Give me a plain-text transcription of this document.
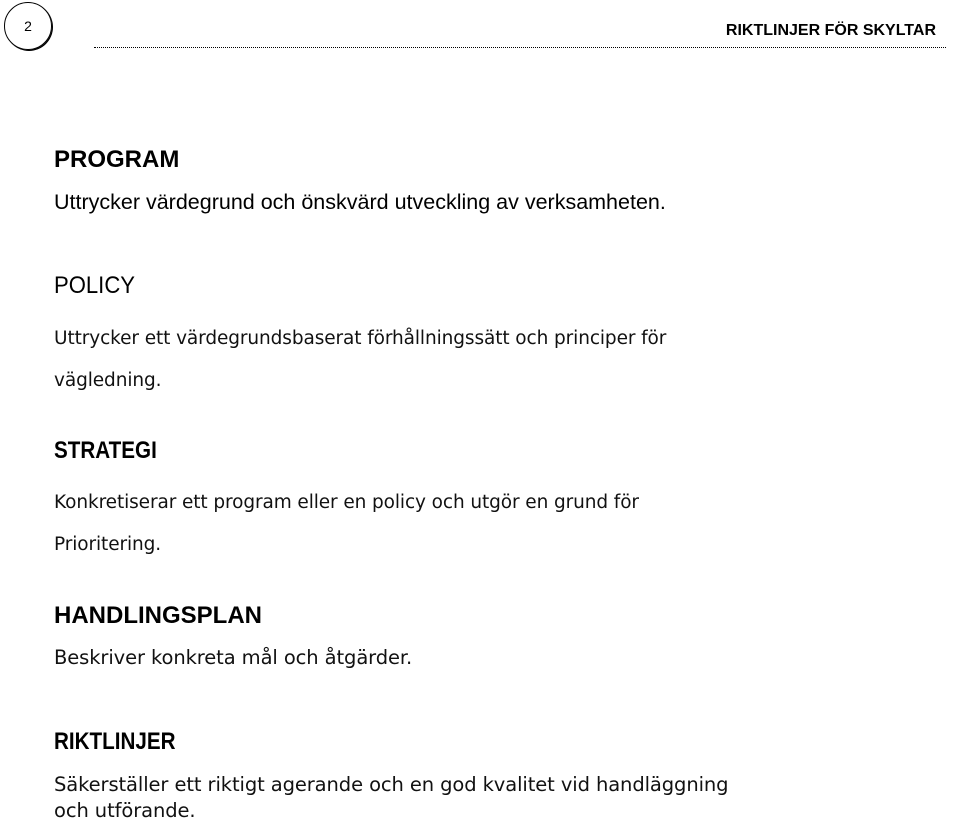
2	RIKTLINJER FÖR SKYLTAR
PROGRAM

Uttrycker värdegrund och önskvärd utveckling av verksamheten.

POLICY

Uttrycker ett värdegrundsbaserat förhållningssätt och principer för
vägledning.

STRATEGI

Konkretiserar ett program eller en policy och utgör en grund för
Prioritering.

HANDLINGSPLAN

Beskriver konkreta mål och åtgärder.

RIKTLINJER

Säkerställer ett riktigt agerande och en god kvalitet vid handläggning
och utförande.
